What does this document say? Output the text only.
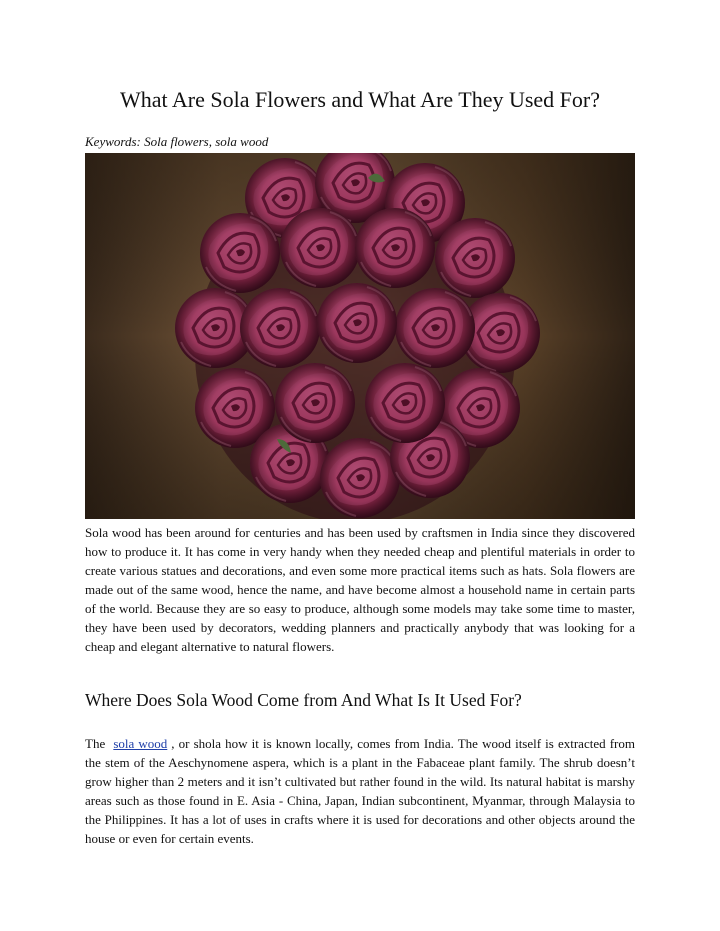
What Are Sola Flowers and What Are They Used For?

Keywords: Sola flowers, sola wood

Sola wood has been around for centuries and has been used by craftsmen in India since they discovered how to produce it. It has come in very handy when they needed cheap and plentiful materials in order to create various statues and decorations, and even some more practical items such as hats. Sola flowers are made out of the same wood, hence the name, and have become almost a household name in certain parts of the world. Because they are so easy to produce, although some models may take some time to master, they have been used by decorators, wedding planners and practically anybody that was looking for a cheap and elegant alternative to natural flowers.

Where Does Sola Wood Come from And What Is It Used For?

The sola wood , or shola how it is known locally, comes from India. The wood itself is extracted from the stem of the Aeschynomene aspera, which is a plant in the Fabaceae plant family. The shrub doesn’t grow higher than 2 meters and it isn’t cultivated but rather found in the wild. Its natural habitat is marshy areas such as those found in E. Asia - China, Japan, Indian subcontinent, Myanmar, through Malaysia to the Philippines. It has a lot of uses in crafts where it is used for decorations and other objects around the house or even for certain events.
